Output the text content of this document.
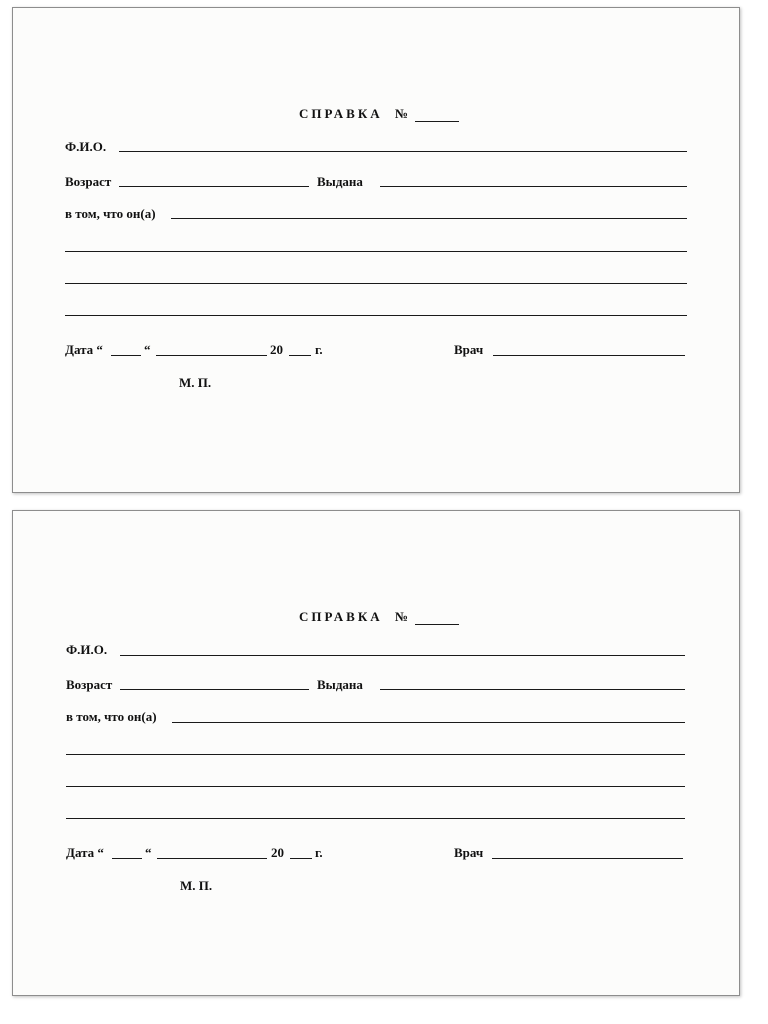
СПРАВКА №
Ф.И.О.
Возраст	Выдана
в том, что он(а)
Дата “	“	20 г.	Врач
М. П.
СПРАВКА №
Ф.И.О.
Возраст	Выдана
в том, что он(а)
Дата “	“	20 г.	Врач
М. П.
